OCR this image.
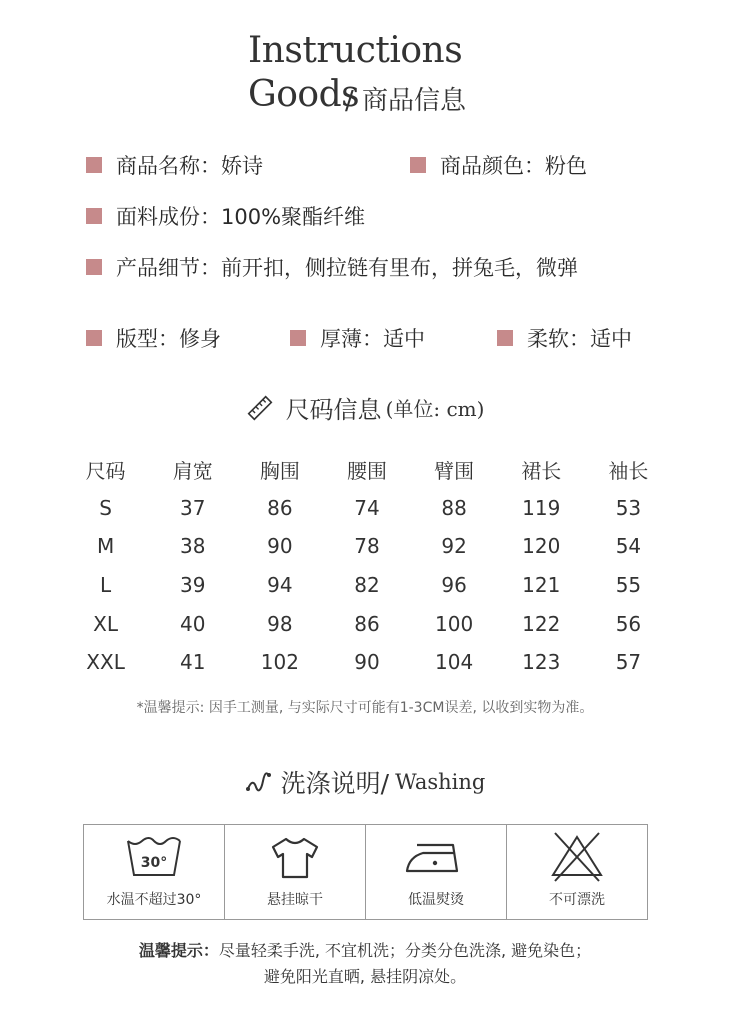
Instructions
Goods
/ 商品信息
商品名称：娇诗	商品颜色：粉色
面料成份：100%聚酯纤维
产品细节：前开扣，侧拉链有里布，拼兔毛，微弹
版型：修身	厚薄：适中	柔软：适中
尺码信息 (单位: cm)
尺码	肩宽	胸围	腰围	臂围	裙长	袖长
S	37	86	74	88	119	53
M	38	90	78	92	120	54
L	39	94	82	96	121	55
XL	40	98	86	100	122	56
XXL	41	102	90	104	123	57
*温馨提示: 因手工测量, 与实际尺寸可能有1-3CM误差, 以收到实物为准。
洗涤说明/ Washing
30°
水温不超过30°	悬挂晾干	低温熨烫	不可漂洗
温馨提示：尽量轻柔手洗, 不宜机洗；分类分色洗涤, 避免染色；
避免阳光直晒, 悬挂阴凉处。
